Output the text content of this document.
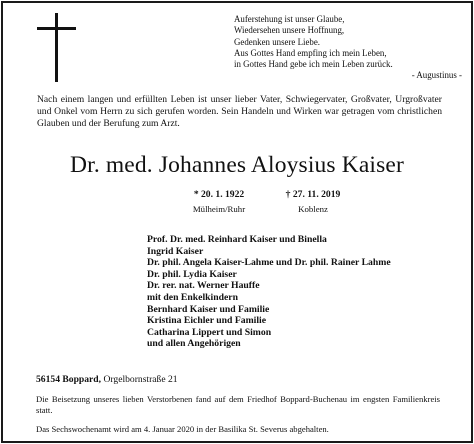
Auferstehung ist unser Glaube,
Wiedersehen unsere Hoffnung,
Gedenken unsere Liebe.
Aus Gottes Hand empfing ich mein Leben,
in Gottes Hand gebe ich mein Leben zurück.
- Augustinus -

Nach einem langen und erfüllten Leben ist unser lieber Vater, Schwiegervater, Großvater, Urgroßvater und Onkel vom Herrn zu sich gerufen worden. Sein Handeln und Wirken war getragen vom christlichen Glauben und der Berufung zum Arzt.

Dr. med. Johannes Aloysius Kaiser
* 20. 1. 1922
Mülheim/Ruhr
† 27. 11. 2019
Koblenz
Prof. Dr. med. Reinhard Kaiser und Binella
Ingrid Kaiser
Dr. phil. Angela Kaiser-Lahme und Dr. phil. Rainer Lahme
Dr. phil. Lydia Kaiser
Dr. rer. nat. Werner Hauffe
mit den Enkelkindern
Bernhard Kaiser und Familie
Kristina Eichler und Familie
Catharina Lippert und Simon
und allen Angehörigen
56154 Boppard, Orgelbornstraße 21
Die Beisetzung unseres lieben Verstorbenen fand auf dem Friedhof Boppard-Buchenau im engsten Familienkreis statt.
Das Sechswochenamt wird am 4. Januar 2020 in der Basilika St. Severus abgehalten.
